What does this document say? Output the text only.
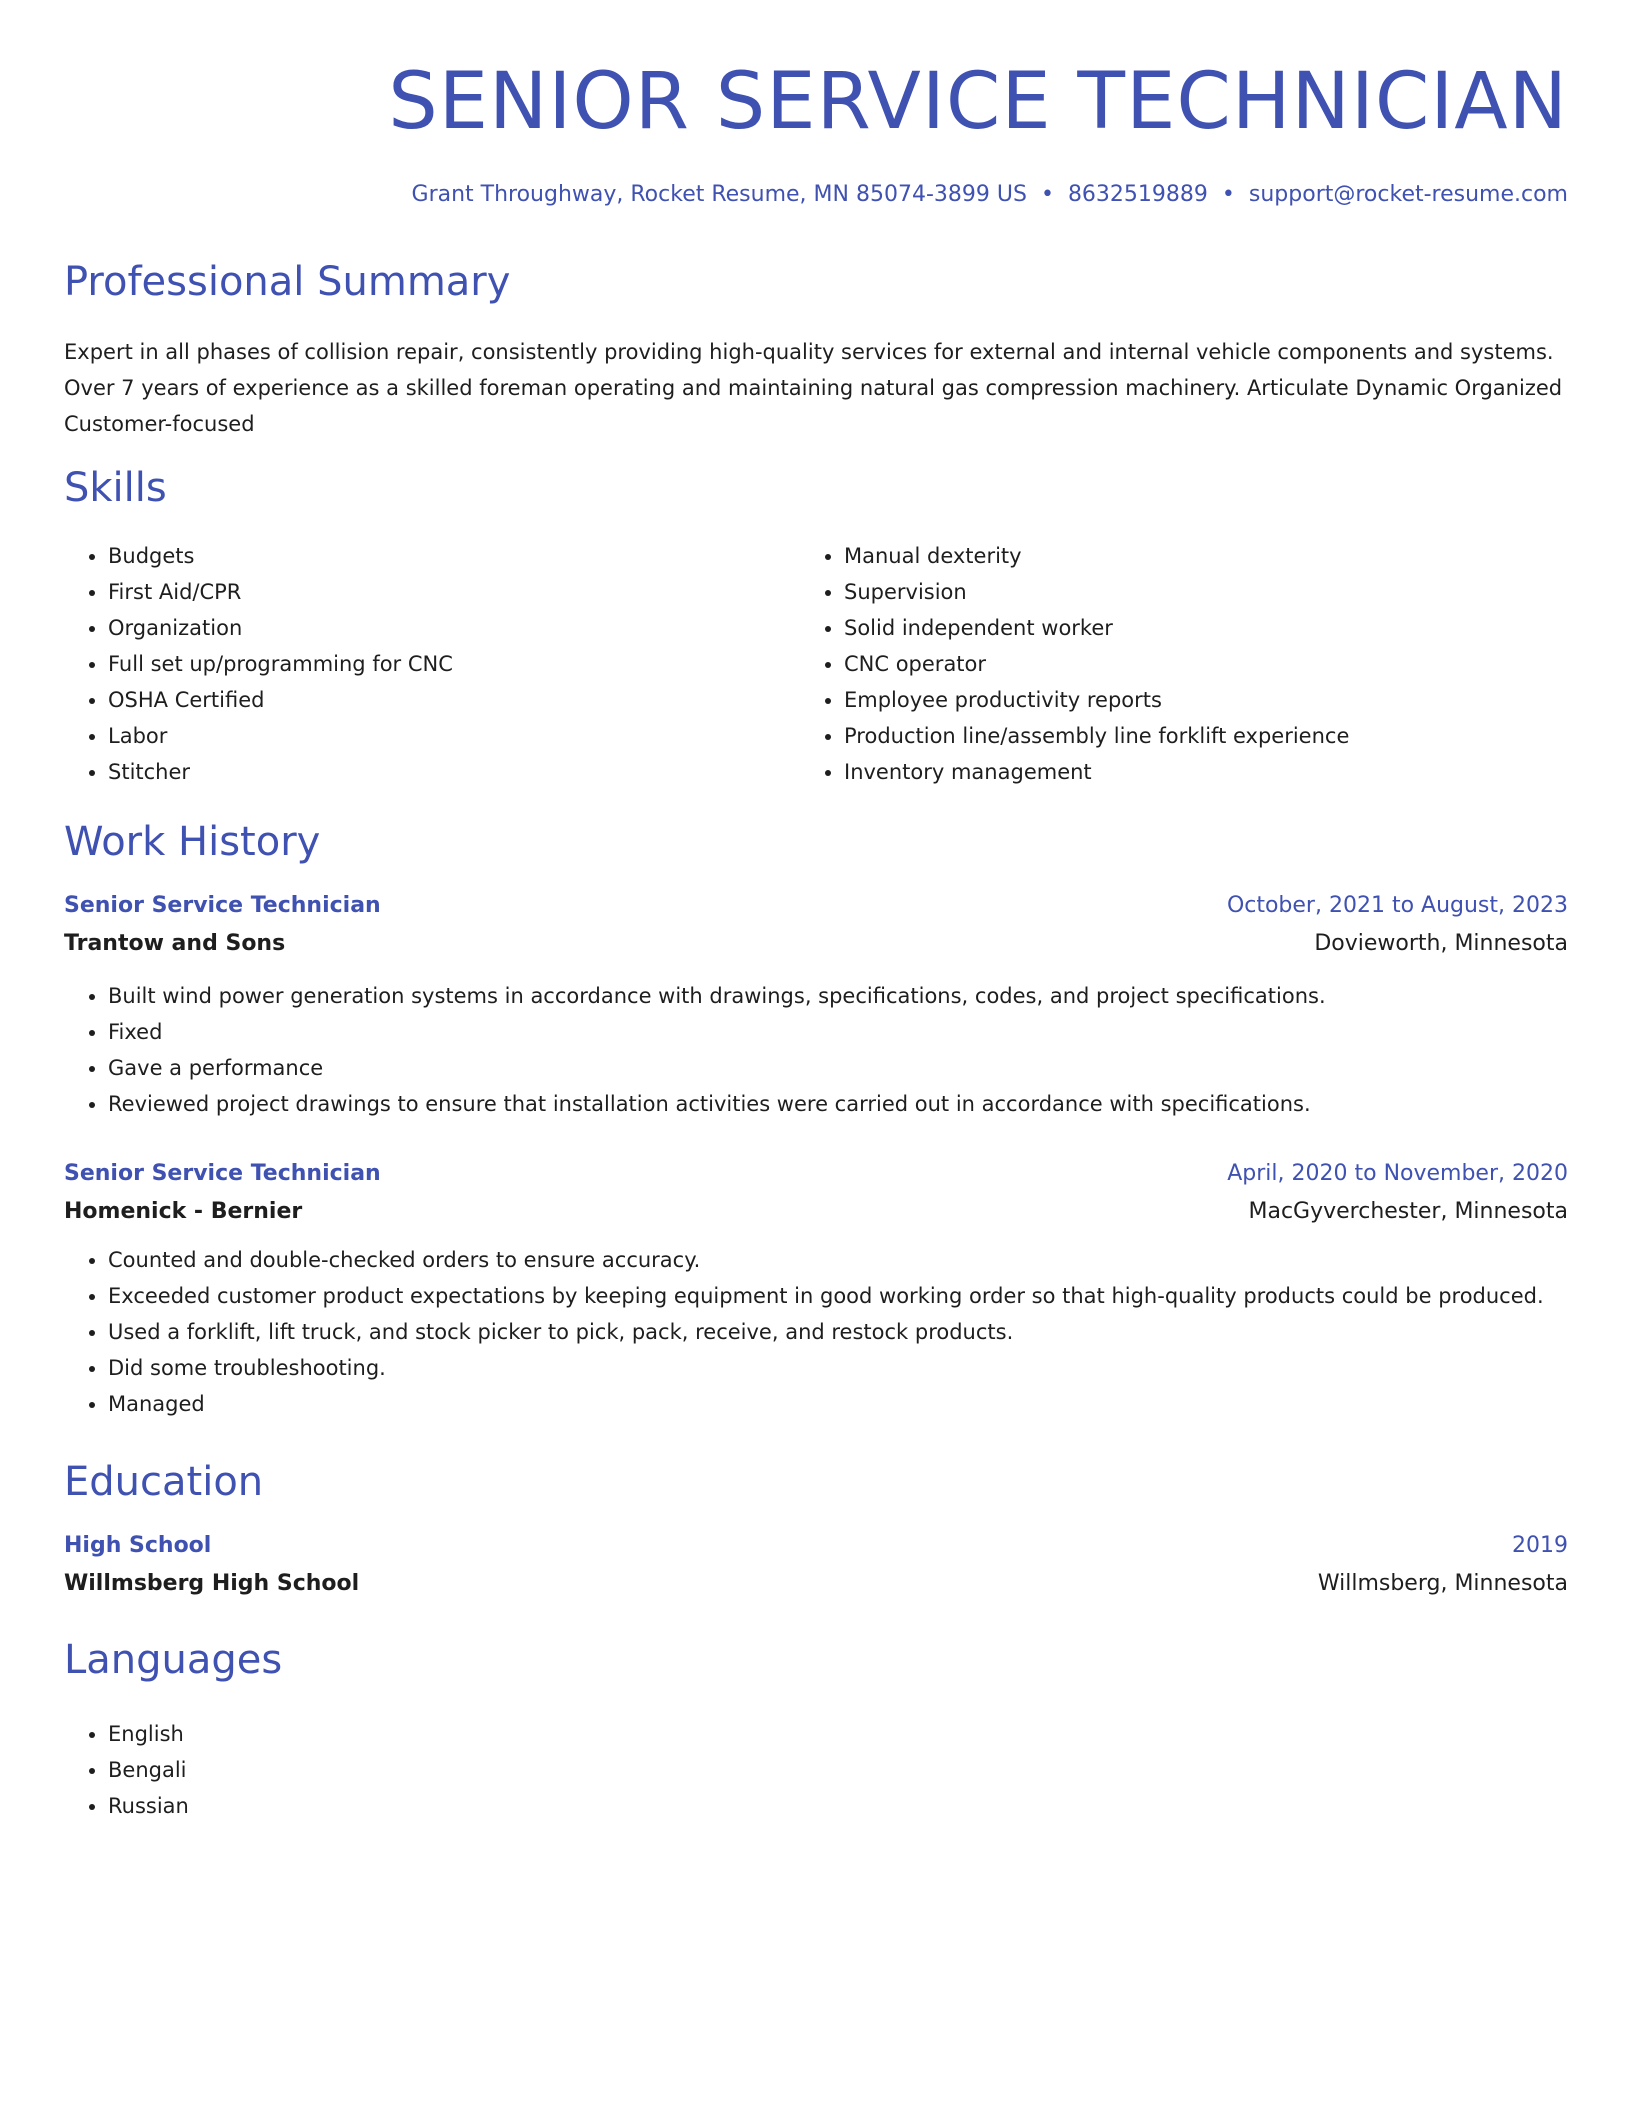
SENIOR SERVICE TECHNICIAN
Grant Throughway, Rocket Resume, MN 85074-3899 US • 8632519889 • support@rocket-resume.com
Professional Summary

Expert in all phases of collision repair, consistently providing high-quality services for external and internal vehicle components and systems. Over 7 years of experience as a skilled foreman operating and maintaining natural gas compression machinery. Articulate Dynamic Organized Customer-focused

Skills
• Budgets
• First Aid/CPR
• Organization
• Full set up/programming for CNC
• OSHA Certified
• Labor
• Stitcher
• Manual dexterity
• Supervision
• Solid independent worker
• CNC operator
• Employee productivity reports
• Production line/assembly line forklift experience
• Inventory management
Work History
Senior Service Technician	October, 2021 to August, 2023
Trantow and Sons	Dovieworth, Minnesota
• Built wind power generation systems in accordance with drawings, specifications, codes, and project specifications.
• Fixed
• Gave a performance
• Reviewed project drawings to ensure that installation activities were carried out in accordance with specifications.
Senior Service Technician	April, 2020 to November, 2020
Homenick - Bernier	MacGyverchester, Minnesota
• Counted and double-checked orders to ensure accuracy.
• Exceeded customer product expectations by keeping equipment in good working order so that high-quality products could be produced.
• Used a forklift, lift truck, and stock picker to pick, pack, receive, and restock products.
• Did some troubleshooting.
• Managed
Education
High School	2019
Willmsberg High School	Willmsberg, Minnesota
Languages
• English
• Bengali
• Russian
